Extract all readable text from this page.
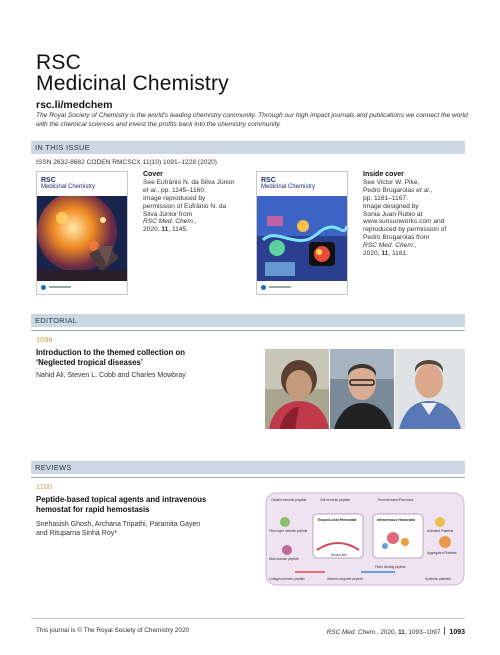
RSC
Medicinal Chemistry
rsc.li/medchem
The Royal Society of Chemistry is the world's leading chemistry community. Through our high impact journals and publications we connect the world with the chemical sciences and invest the profits back into the chemistry community.
IN THIS ISSUE
ISSN 2632-8682 CODEN RMCSCX 11(10) 1091–1228 (2020)
RSC
Medicinal Chemistry
Cover
See Eufrânio N. da Silva Júnior
et al., pp. 1145–1160.
Image reproduced by
permission of Eufrânio N. da
Silva Júnior from
RSC Med. Chem.,
2020, 11, 1145.
RSC
Medicinal Chemistry
Inside cover
See Victor W. Pike,
Pedro Brugarolas et al.,
pp. 1161–1167.
Image designed by
Sonia Juan Rubio at
www.sunsunworks.com and
reproduced by permission of
Pedro Brugarolas from
RSC Med. Chem.,
2020, 11, 1161.
EDITORIAL
1098
Introduction to the themed collection on
‘Neglected tropical diseases’
Nahid Ali, Steven L. Cobb and Charles Mowbray
REVIEWS
1100
Peptide-based topical agents and intravenous
hemostat for rapid hemostasis
Snehasish Ghosh, Archana Tripathi, Paramita Gayen
and Rituparna Sinha Roy*
Gelatin mimetic peptide	Silk mimetic peptide	Thromboxane/Precursor
Tissue/Local Hemostat	Intravenous Hemostat
Fibrinogen mimetic peptide
Multi-domain peptide
Wound site
Collagen-mimetic peptide	Albumin-targeted peptide
Fibrin binding peptide
Synthetic platelets
Aggregated Platelets
Activated Platelets
This journal is © The Royal Society of Chemistry 2020	RSC Med. Chem., 2020, 11, 1093–1097 1093
